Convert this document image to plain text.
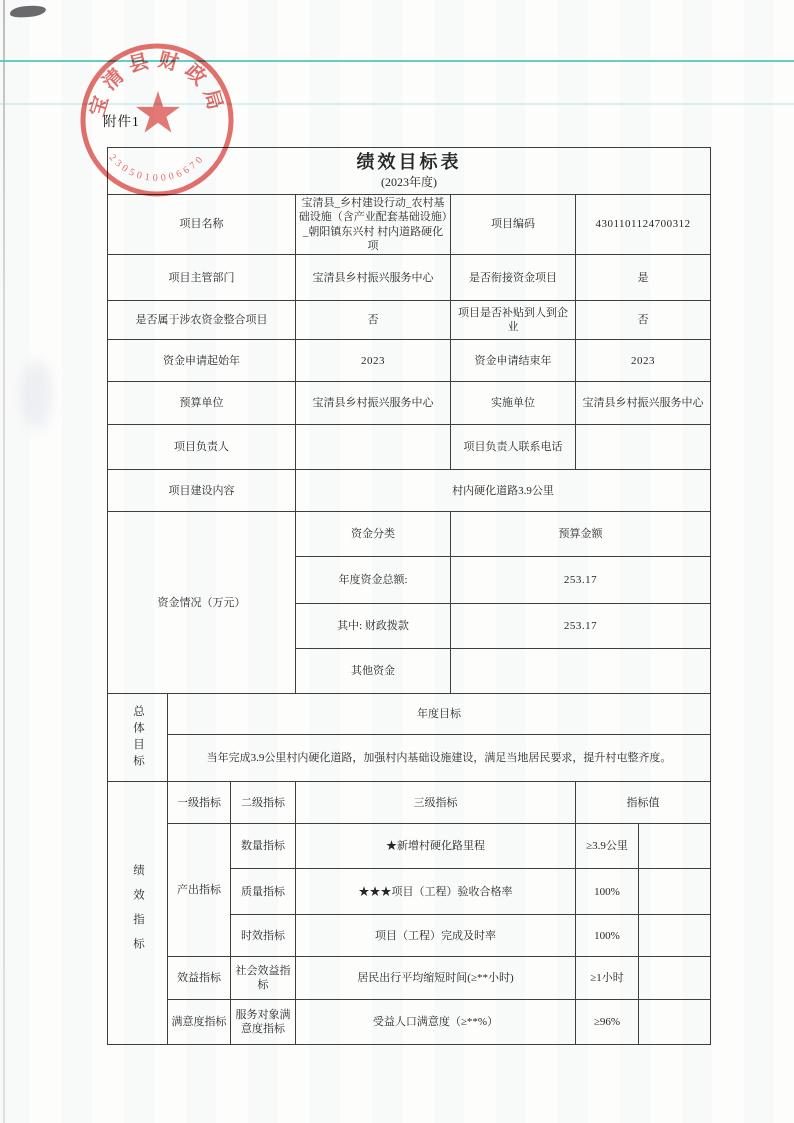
附件1
宝清县财政局
2305010006670	绩效目标表
(2023年度)						

项目名称			宝清县_乡村建设行动_农村基础设施（含产业配套基础设施）_朝阳镇东兴村 村内道路硬化项	项目编码	4301101124700312	
项目主管部门			宝清县乡村振兴服务中心	是否衔接资金项目	是	
是否属于涉农资金整合项目			否	项目是否补贴到人到企业	否	
资金申请起始年			2023	资金申请结束年	2023	
预算单位			宝清县乡村振兴服务中心	实施单位	宝清县乡村振兴服务中心	
项目负责人				项目负责人联系电话		
项目建设内容			村内硬化道路3.9公里			
资金情况（万元）			资金分类	预算金额		
			年度资金总额:	253.17		
			其中: 财政拨款	253.17		
			其他资金			

总体目标	年度目标					
	当年完成3.9公里村内硬化道路，加强村内基础设施建设，满足当地居民要求，提升村屯整齐度。					

绩效指标	一级指标	二级指标	三级指标		指标值	
	产出指标	数量指标	★新增村硬化路里程		≥3.9公里	
		质量指标	★★★项目（工程）验收合格率		100%	
		时效指标	项目（工程）完成及时率		100%	
	效益指标	社会效益指标	居民出行平均缩短时间(≥**小时)		≥1小时	
	满意度指标	服务对象满意度指标	受益人口满意度（≥**%）		≥96%	
